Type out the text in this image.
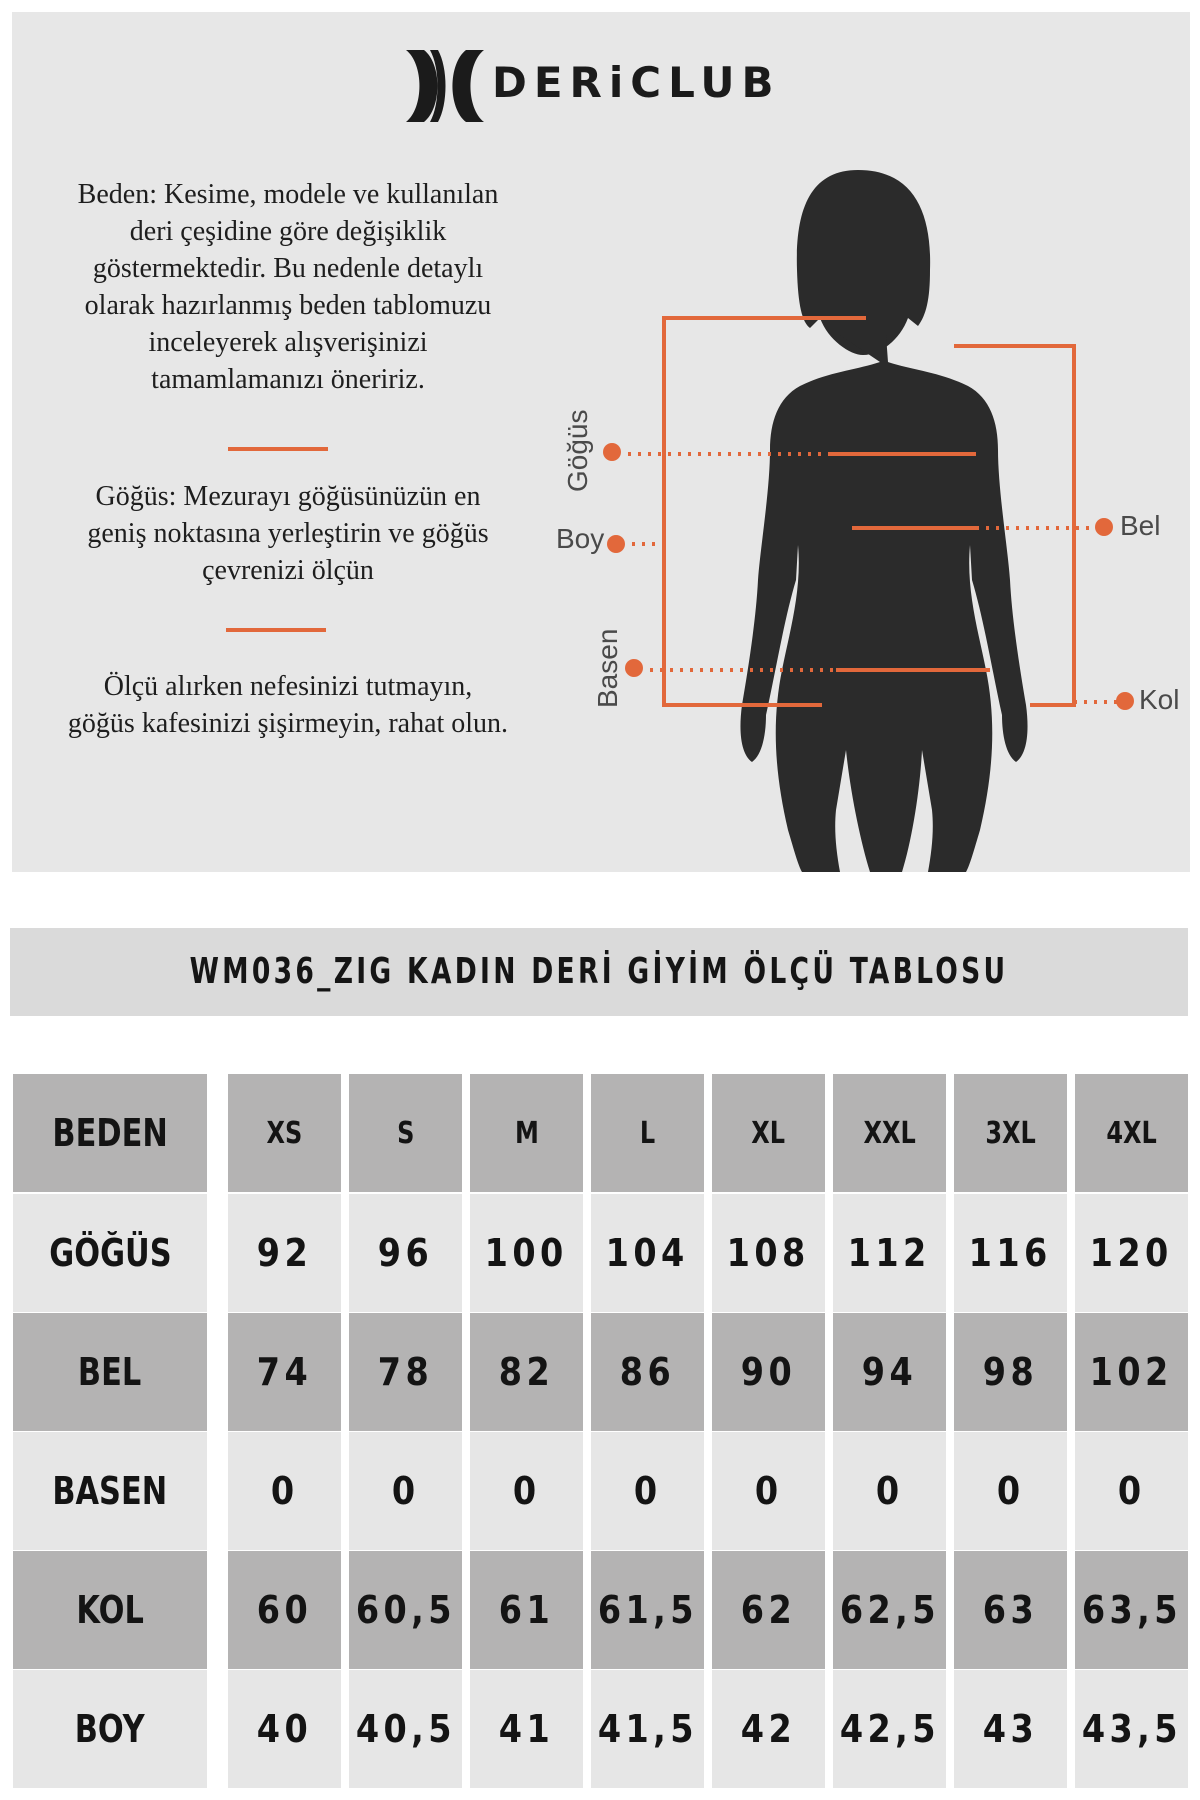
DERiCLUB
Beden: Kesime, modele ve kullanılan
deri çeşidine göre değişiklik
göstermektedir. Bu nedenle detaylı
olarak hazırlanmış beden tablomuzu
inceleyerek alışverişinizi
tamamlamanızı öneririz.
Göğüs: Mezurayı göğüsünüzün en
geniş noktasına yerleştirin ve göğüs
çevrenizi ölçün
Ölçü alırken nefesinizi tutmayın,
göğüs kafesinizi şişirmeyin, rahat olun.
Göğüs
Boy
Basen
Bel
Kol
WM036_ZIG KADIN DERİ GİYİM ÖLÇÜ TABLOSU
BEDEN	XS	S	M	L	XL	XXL 3XL 4XL
GÖĞÜS 92 96 100 104 108 112 116 120
BEL	74 78 82 86 90 94 98 102
BASEN	0 0 0 0 0 0 0 0
KOL	60 60,5 61 61,5 62 62,5 63 63,5
BOY	40 40,5 41 41,5 42 42,5 43 43,5
